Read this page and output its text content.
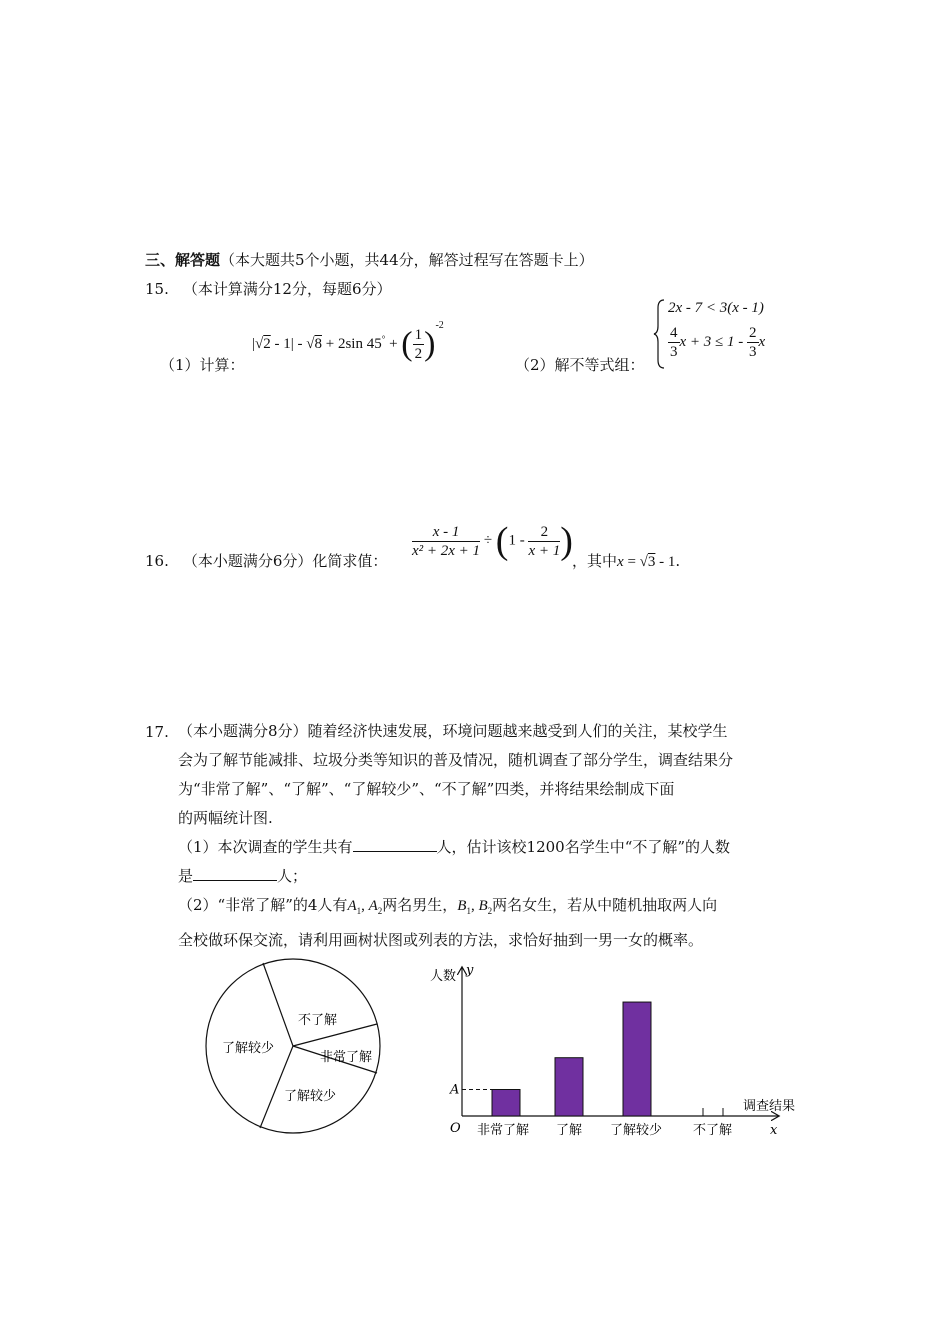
三、解答题（本大题共5个小题，共44分，解答过程写在答题卡上）
15. （本计算满分12分，每题6分）
|√2 - 1| - √8 + 2sin 45° + ( $\frac{1}{2} )^{-2}$
（1）计算：	（2）解不等式组：
2x - 7 < 3(x - 1)
$\frac{4}{3}$ $x + 3 \le 1 - \frac{2}{3}$ x
16. （本小题满分6分）化简求值：
$\frac{x - 1}{\text{x² + 2x + 1}} \div (1 - \frac{2}{x + 1}$ ) ，其中x = √3 - 1.
17. （本小题满分8分）随着经济快速发展，环境问题越来越受到人们的关注，某校学生
会为了解节能减排、垃圾分类等知识的普及情况，随机调查了部分学生，调查结果分
为“非常了解”、“了解”、“了解较少”、“不了解”四类，并将结果绘制成下面
的两幅统计图.
（1）本次调查的学生共有	人，估计该校1200名学生中“不了解”的人数
是	人；
（2）“非常了解”的4人有$A_1$, $A_2$两名男生，$B_1$, $B_2$两名女生，若从中随机抽取两人向
全校做环保交流，请利用画树状图或列表的方法，求恰好抽到一男一女的概率。
不了解
非常了解
了解较少
了解较少
人数 y
调查结果
x
O 非常了解 了解 了解较少 不了解
A
